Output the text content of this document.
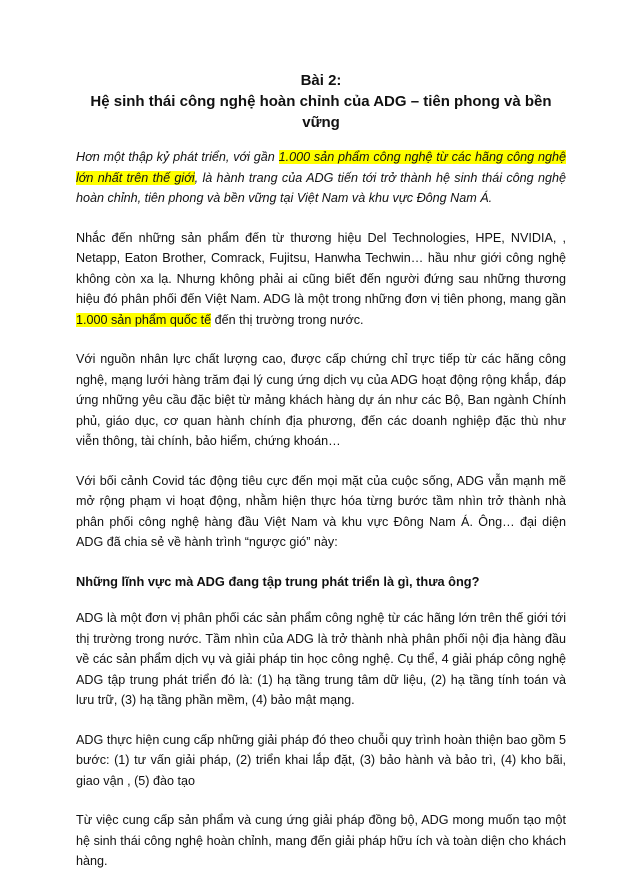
Bài 2:
Hệ sinh thái công nghệ hoàn chỉnh của ADG – tiên phong và bền vững

Hơn một thập kỷ phát triển, với gần 1.000 sản phẩm công nghệ từ các hãng công nghệ lớn nhất trên thế giới, là hành trang của ADG tiến tới trở thành hệ sinh thái công nghệ hoàn chỉnh, tiên phong và bền vững tại Việt Nam và khu vực Đông Nam Á.

Nhắc đến những sản phẩm đến từ thương hiệu Del Technologies, HPE, NVIDIA, , Netapp, Eaton Brother, Comrack, Fujitsu, Hanwha Techwin… hầu như giới công nghệ không còn xa lạ. Nhưng không phải ai cũng biết đến người đứng sau những thương hiệu đó phân phối đến Việt Nam. ADG là một trong những đơn vị tiên phong, mang gần 1.000 sản phẩm quốc tế đến thị trường trong nước.

Với nguồn nhân lực chất lượng cao, được cấp chứng chỉ trực tiếp từ các hãng công nghệ, mạng lưới hàng trăm đại lý cung ứng dịch vụ của ADG hoạt động rộng khắp, đáp ứng những yêu cầu đặc biệt từ mảng khách hàng dự án như các Bộ, Ban ngành Chính phủ, giáo dục, cơ quan hành chính địa phương, đến các doanh nghiệp đặc thù như viễn thông, tài chính, bảo hiểm, chứng khoán…

Với bối cảnh Covid tác động tiêu cực đến mọi mặt của cuộc sống, ADG vẫn mạnh mẽ mở rộng phạm vi hoạt động, nhằm hiện thực hóa từng bước tầm nhìn trở thành nhà phân phối công nghệ hàng đầu Việt Nam và khu vực Đông Nam Á. Ông… đại diện ADG đã chia sẻ về hành trình “ngược gió” này:

Những lĩnh vực mà ADG đang tập trung phát triển là gì, thưa ông?

ADG là một đơn vị phân phối các sản phẩm công nghệ từ các hãng lớn trên thế giới tới thị trường trong nước. Tầm nhìn của ADG là trở thành nhà phân phối nội địa hàng đầu về các sản phẩm dịch vụ và giải pháp tin học công nghệ. Cụ thể, 4 giải pháp công nghệ ADG tập trung phát triển đó là: (1) hạ tầng trung tâm dữ liệu, (2) hạ tầng tính toán và lưu trữ, (3) hạ tầng phần mềm, (4) bảo mật mạng.

ADG thực hiện cung cấp những giải pháp đó theo chuỗi quy trình hoàn thiện bao gồm 5 bước: (1) tư vấn giải pháp, (2) triển khai lắp đặt, (3) bảo hành và bảo trì, (4) kho bãi, giao vận , (5) đào tạo

Từ việc cung cấp sản phẩm và cung ứng giải pháp đồng bộ, ADG mong muốn tạo một hệ sinh thái công nghệ hoàn chỉnh, mang đến giải pháp hữu ích và toàn diện cho khách hàng.
